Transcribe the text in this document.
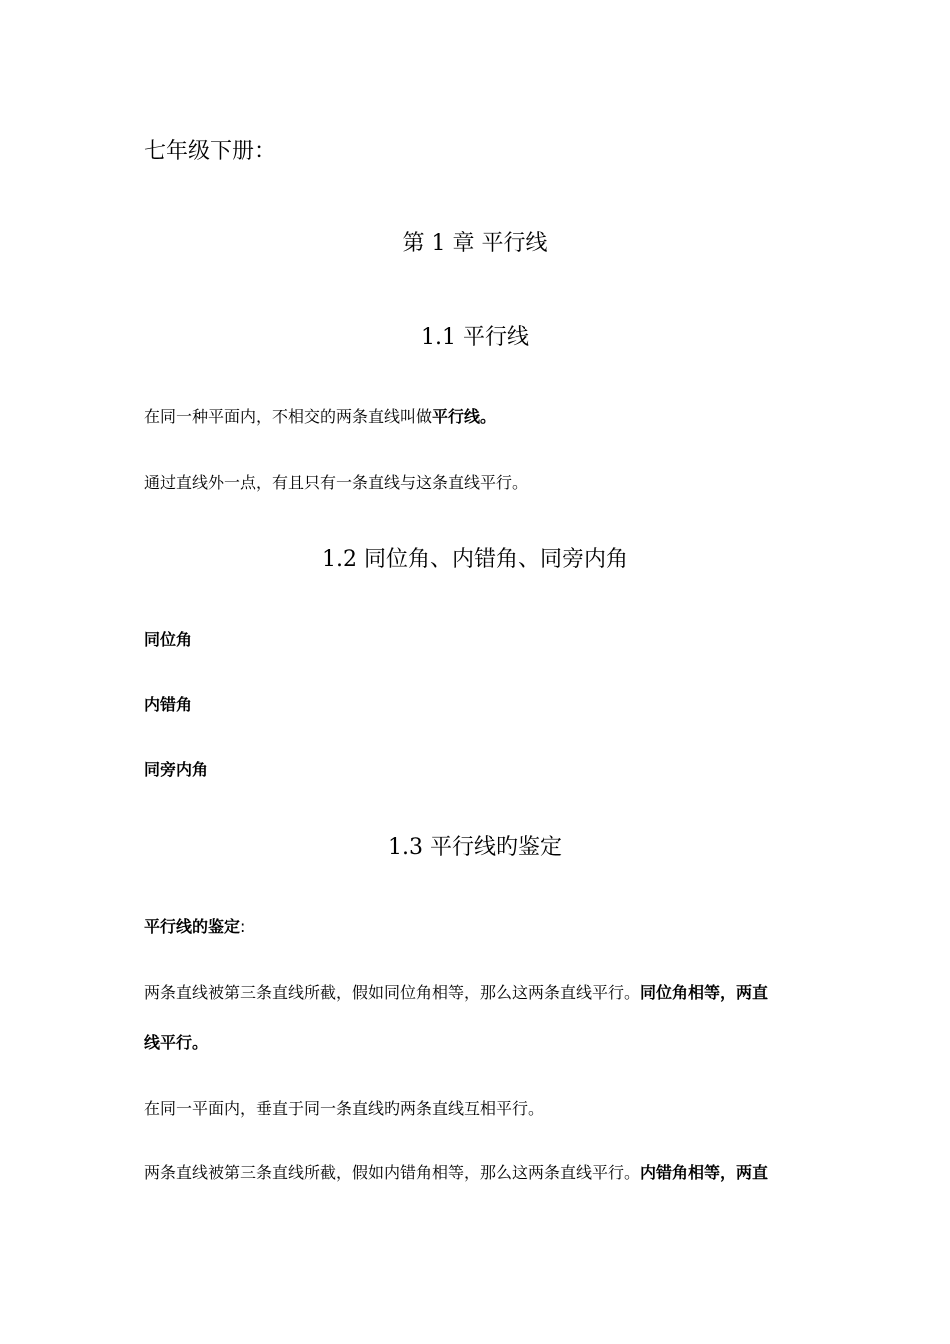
七年级下册：
第 1 章 平行线
1.1 平行线
在同一种平面内，不相交的两条直线叫做平行线。
通过直线外一点，有且只有一条直线与这条直线平行。
1.2 同位角、内错角、同旁内角
同位角
内错角
同旁内角
1.3 平行线旳鉴定
平行线的鉴定:
两条直线被第三条直线所截，假如同位角相等，那么这两条直线平行。同位角相等，两直
线平行。
在同一平面内，垂直于同一条直线旳两条直线互相平行。
两条直线被第三条直线所截，假如内错角相等，那么这两条直线平行。内错角相等，两直
